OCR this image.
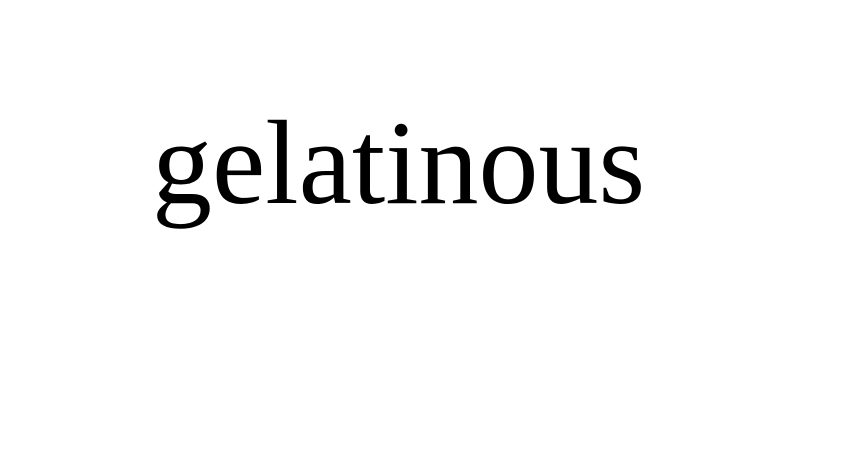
gelatinous
